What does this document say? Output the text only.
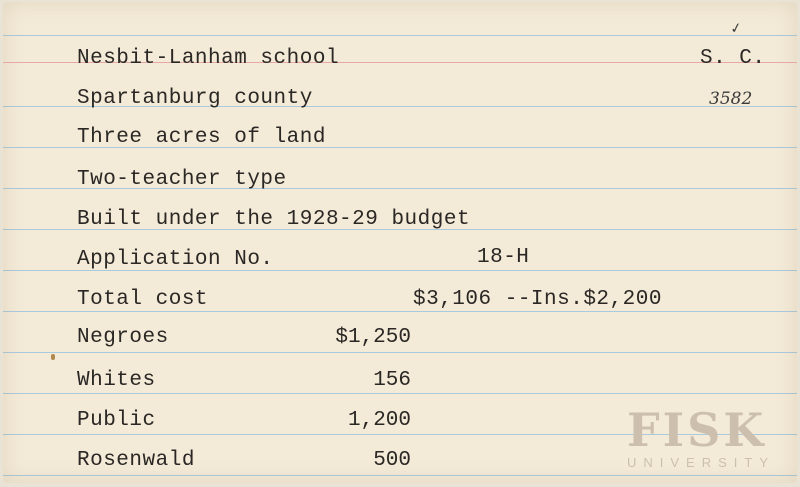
✓
Nesbit-Lanham school	S. C.
Spartanburg county	3582
Three acres of land
Two-teacher type
Built under the 1928-29 budget
Application No.	18-H
Total cost	$3,106 --Ins.$2,200
Negroes	$1,250
Whites	156
Public	1,200
Rosenwald	500
FISK
UNIVERSITY
